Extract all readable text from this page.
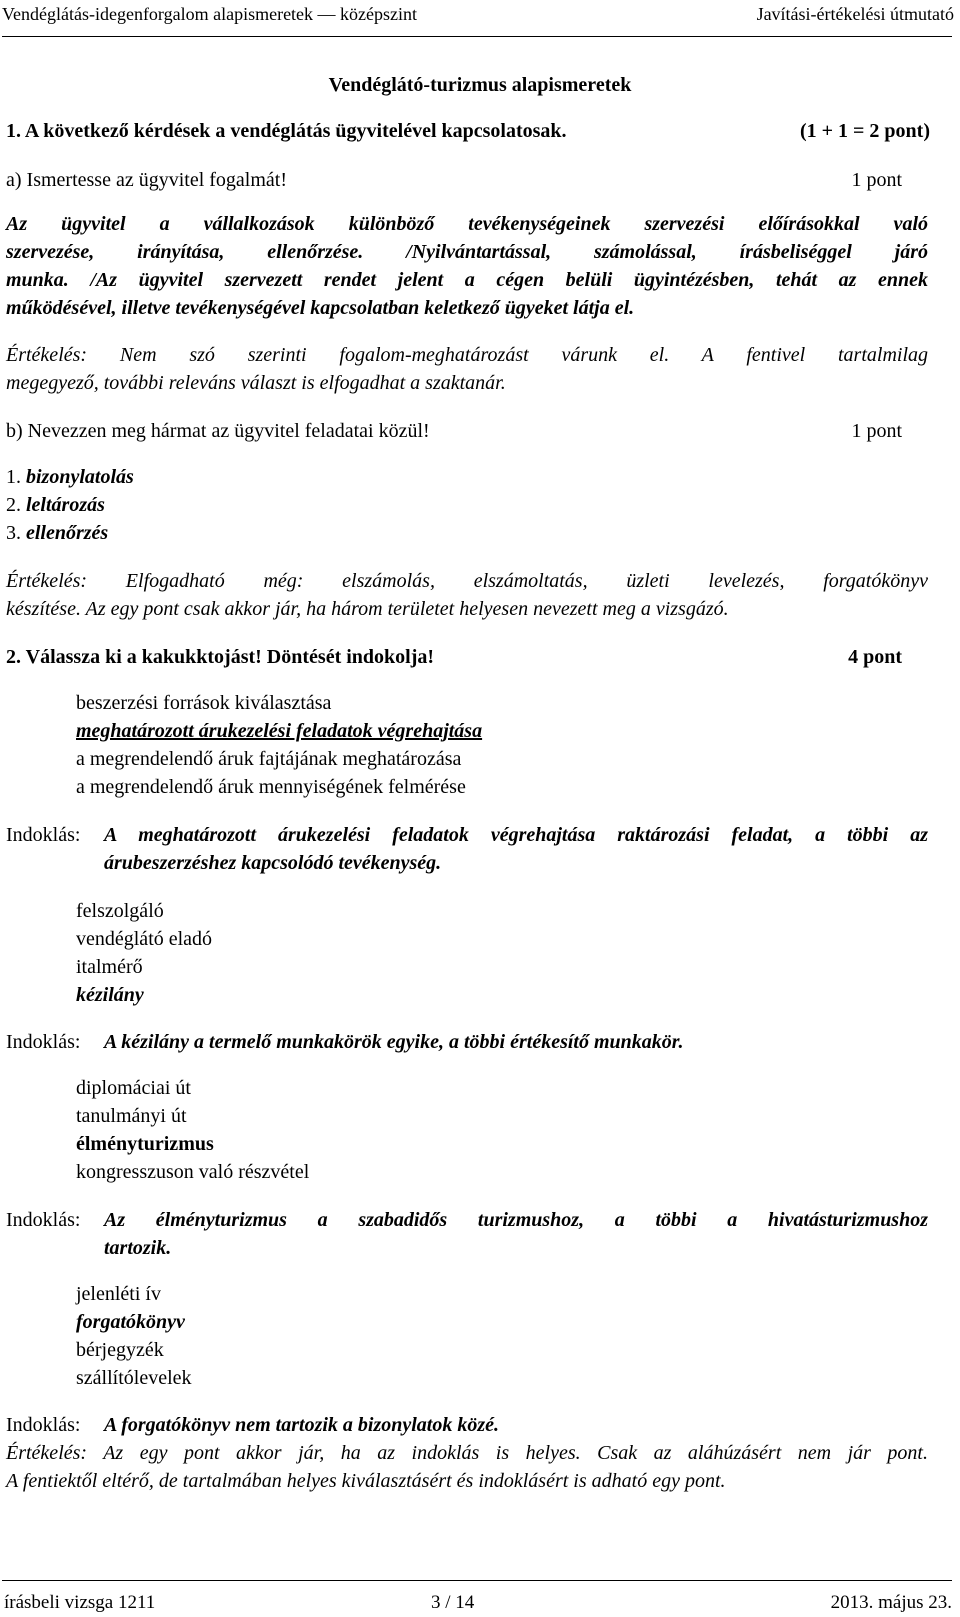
Vendéglátás-idegenforgalom alapismeretek — középszint	Javítási-értékelési útmutató
Vendéglátó-turizmus alapismeretek
1. A következő kérdések a vendéglátás ügyvitelével kapcsolatosak.	(1 + 1 = 2 pont)
a) Ismertesse az ügyvitel fogalmát!	1 pont
Az ügyvitel a vállalkozások különböző tevékenységeinek szervezési előírásokkal való
szervezése, irányítása, ellenőrzése. /Nyilvántartással, számolással, írásbeliséggel járó
munka. /Az ügyvitel szervezett rendet jelent a cégen belüli ügyintézésben, tehát az ennek
működésével, illetve tevékenységével kapcsolatban keletkező ügyeket látja el.
Értékelés: Nem szó szerinti fogalom-meghatározást várunk el. A fentivel tartalmilag
megegyező, további releváns választ is elfogadhat a szaktanár.
b) Nevezzen meg hármat az ügyvitel feladatai közül!	1 pont
1. bizonylatolás
2. leltározás
3. ellenőrzés
Értékelés: Elfogadható még: elszámolás, elszámoltatás, üzleti levelezés, forgatókönyv
készítése. Az egy pont csak akkor jár, ha három területet helyesen nevezett meg a vizsgázó.
2. Válassza ki a kakukktojást! Döntését indokolja!	4 pont
beszerzési források kiválasztása
meghatározott árukezelési feladatok végrehajtása
a megrendelendő áruk fajtájának meghatározása
a megrendelendő áruk mennyiségének felmérése
Indoklás: A meghatározott árukezelési feladatok végrehajtása raktározási feladat, a többi az
árubeszerzéshez kapcsolódó tevékenység.
felszolgáló
vendéglátó eladó
italmérő
kézilány
Indoklás: A kézilány a termelő munkakörök egyike, a többi értékesítő munkakör.
diplomáciai út
tanulmányi út
élményturizmus
kongresszuson való részvétel
Indoklás: Az élményturizmus a szabadidős turizmushoz, a többi a hivatásturizmushoz
tartozik.
jelenléti ív
forgatókönyv
bérjegyzék
szállítólevelek
Indoklás: A forgatókönyv nem tartozik a bizonylatok közé.
Értékelés: Az egy pont akkor jár, ha az indoklás is helyes. Csak az aláhúzásért nem jár pont.
A fentiektől eltérő, de tartalmában helyes kiválasztásért és indoklásért is adható egy pont.
írásbeli vizsga 1211	3 / 14	2013. május 23.
